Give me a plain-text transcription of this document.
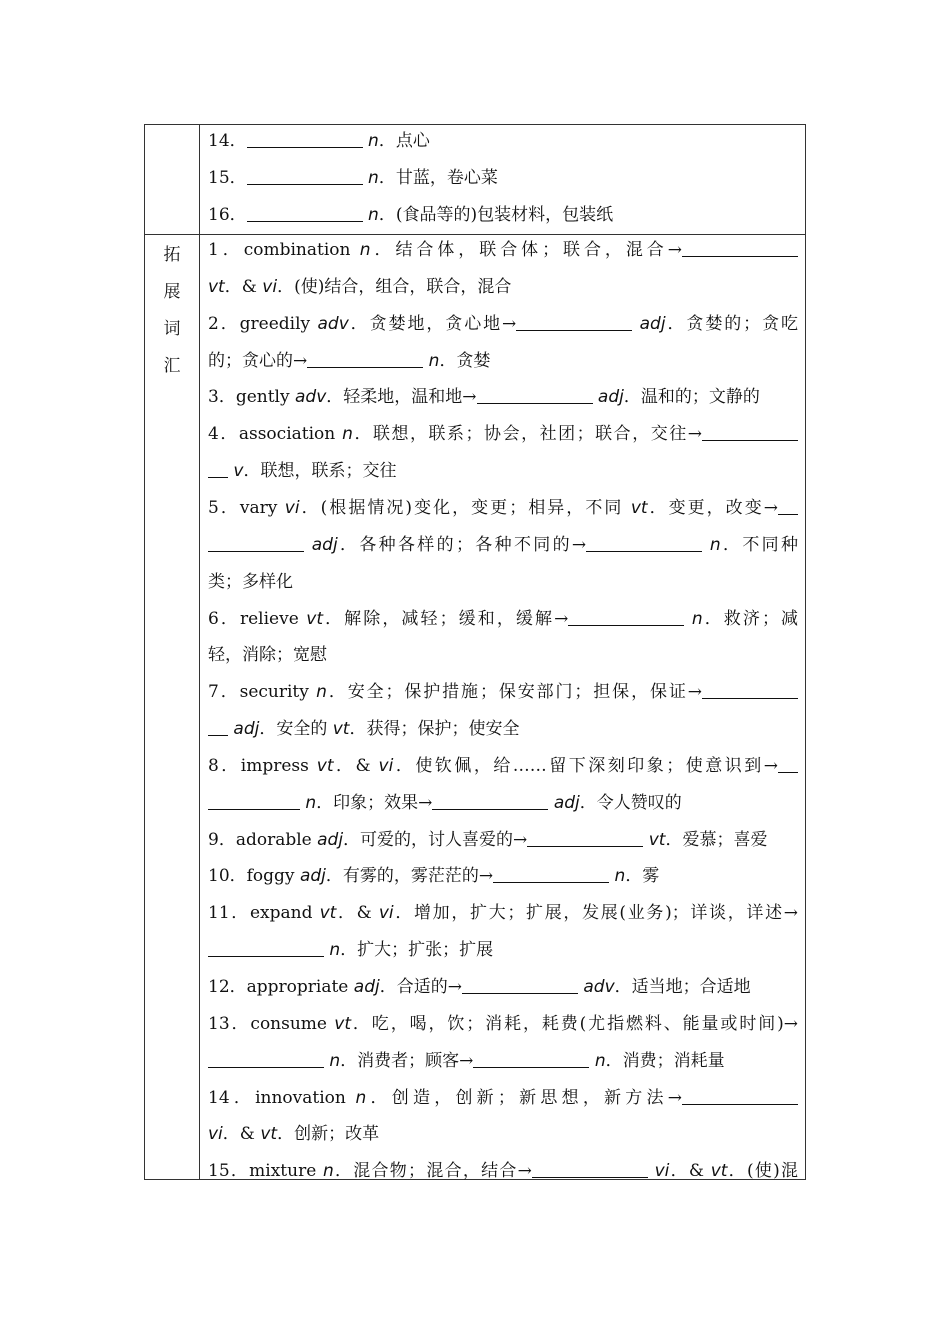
拓
展
词
汇
14．	n．点心
15．	n．甘蓝，卷心菜
16．	n．(食品等的)包装材料，包装纸
1．combination n．结合体，联合体；联合，混合→
vt．& vi．(使)结合，组合，联合，混合
2．greedily adv．贪婪地，贪心地→	adj．贪婪的；贪吃
的；贪心的→	n．贪婪
3．gently adv．轻柔地，温和地→	adj．温和的；文静的
4．association n．联想，联系；协会，社团；联合，交往→
v．联想，联系；交往
5．vary vi．(根据情况)变化，变更；相异，不同 vt．变更，改变→
adj．各种各样的；各种不同的→	n．不同种
类；多样化
6．relieve vt．解除，减轻；缓和，缓解→	n．救济；减
轻，消除；宽慰
7．security n．安全；保护措施；保安部门；担保，保证→
adj．安全的 vt．获得；保护；使安全
8．impress vt．& vi．使钦佩，给……留下深刻印象；使意识到→
n．印象；效果→	adj．令人赞叹的
9．adorable adj．可爱的，讨人喜爱的→	vt．爱慕；喜爱
10．foggy adj．有雾的，雾茫茫的→	n．雾
11．expand vt．& vi．增加，扩大；扩展，发展(业务)；详谈，详述→
n．扩大；扩张；扩展
12．appropriate adj．合适的→	adv．适当地；合适地
13．consume vt．吃，喝，饮；消耗，耗费(尤指燃料、能量或时间)→
n．消费者；顾客→	n．消费；消耗量
14．innovation n．创造，创新；新思想，新方法→
vi．& vt．创新；改革
15．mixture n．混合物；混合，结合→	vi．& vt．(使)混
